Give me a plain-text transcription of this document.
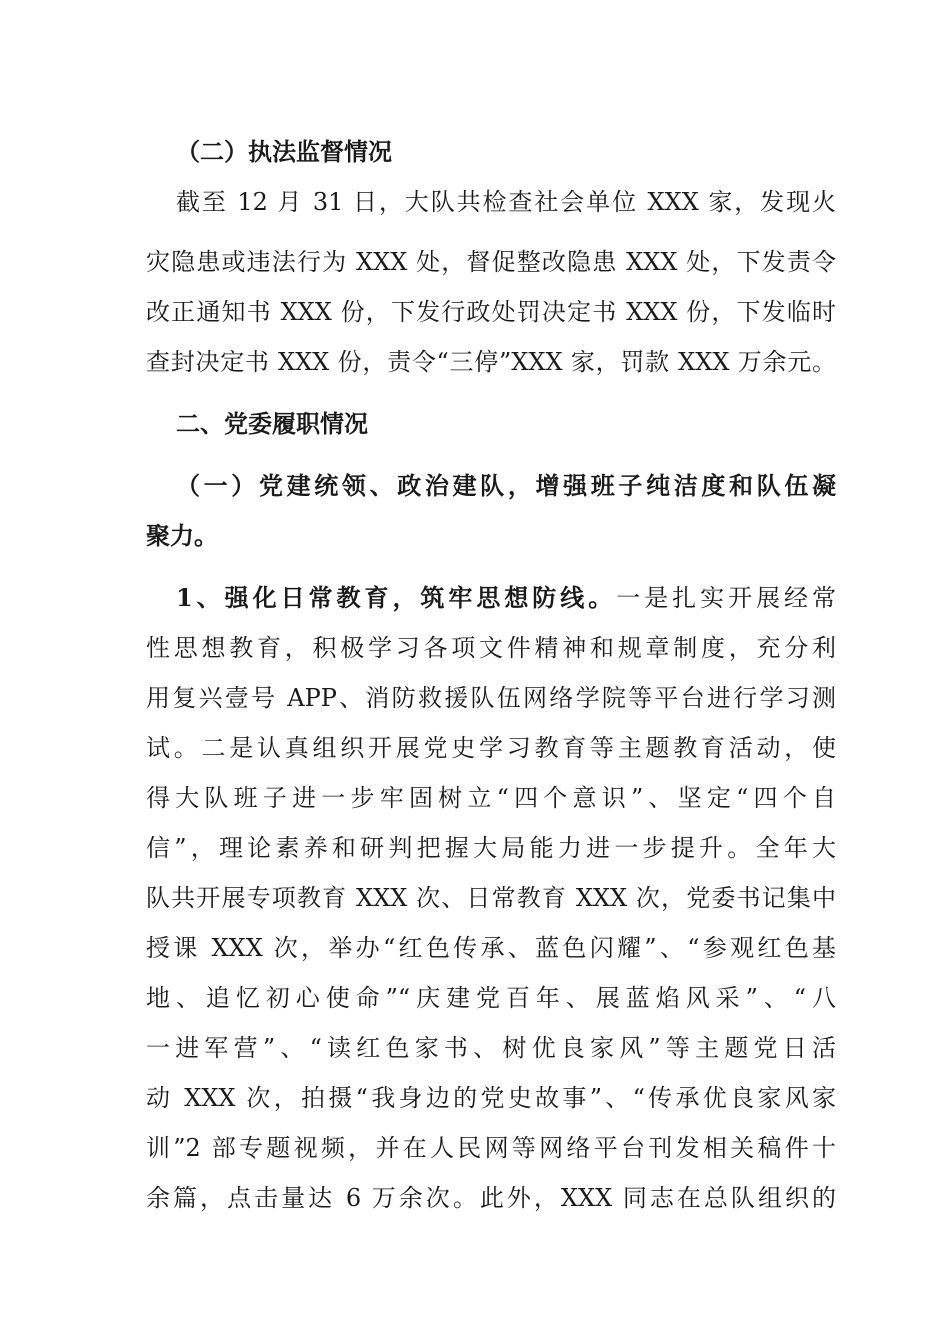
（二）执法监督情况
截至 12 月 31 日，大队共检查社会单位 XXX 家，发现火
灾隐患或违法行为 XXX 处，督促整改隐患 XXX 处，下发责令
改正通知书 XXX 份，下发行政处罚决定书 XXX 份，下发临时
查封决定书 XXX 份，责令“三停”XXX 家，罚款 XXX 万余元。
二、党委履职情况
（一）党建统领、政治建队，增强班子纯洁度和队伍凝
聚力。
1、强化日常教育，筑牢思想防线。一是扎实开展经常
性思想教育，积极学习各项文件精神和规章制度，充分利
用复兴壹号 APP、消防救援队伍网络学院等平台进行学习测
试。二是认真组织开展党史学习教育等主题教育活动，使
得大队班子进一步牢固树立“四个意识”、坚定“四个自
信”，理论素养和研判把握大局能力进一步提升。全年大
队共开展专项教育 XXX 次、日常教育 XXX 次，党委书记集中
授课 XXX 次，举办“红色传承、蓝色闪耀”、“参观红色基
地、追忆初心使命”“庆建党百年、展蓝焰风采”、“八
一进军营”、“读红色家书、树优良家风”等主题党日活
动 XXX 次，拍摄“我身边的党史故事”、“传承优良家风家
训”2 部专题视频，并在人民网等网络平台刊发相关稿件十
余篇，点击量达 6 万余次。此外，XXX 同志在总队组织的
